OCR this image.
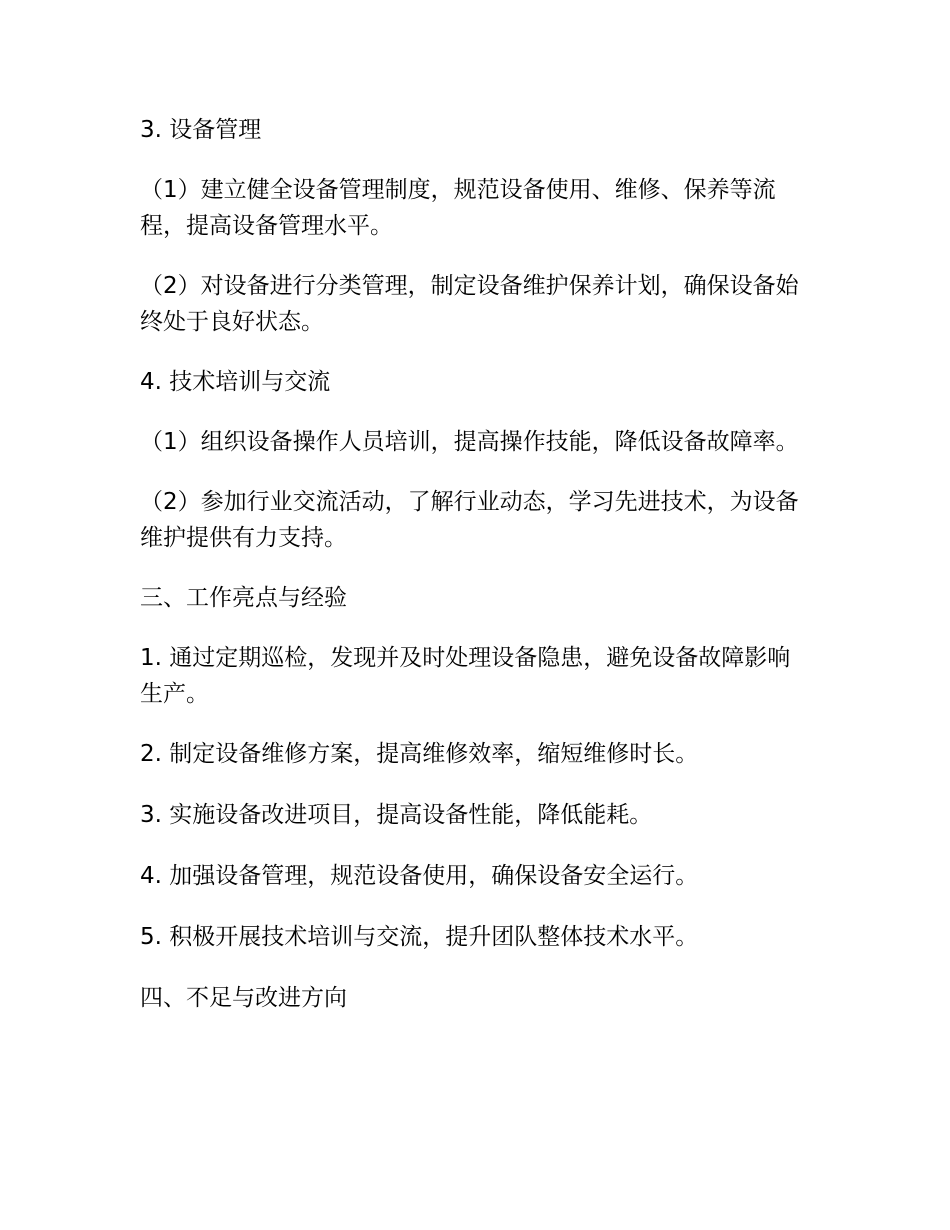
3. 设备管理

（1）建立健全设备管理制度，规范设备使用、维修、保养等流程，提高设备管理水平。

（2）对设备进行分类管理，制定设备维护保养计划，确保设备始终处于良好状态。

4. 技术培训与交流

（1）组织设备操作人员培训，提高操作技能，降低设备故障率。

（2）参加行业交流活动，了解行业动态，学习先进技术，为设备维护提供有力支持。

三、工作亮点与经验

1. 通过定期巡检，发现并及时处理设备隐患，避免设备故障影响生产。

2. 制定设备维修方案，提高维修效率，缩短维修时长。

3. 实施设备改进项目，提高设备性能，降低能耗。

4. 加强设备管理，规范设备使用，确保设备安全运行。

5. 积极开展技术培训与交流，提升团队整体技术水平。

四、不足与改进方向
